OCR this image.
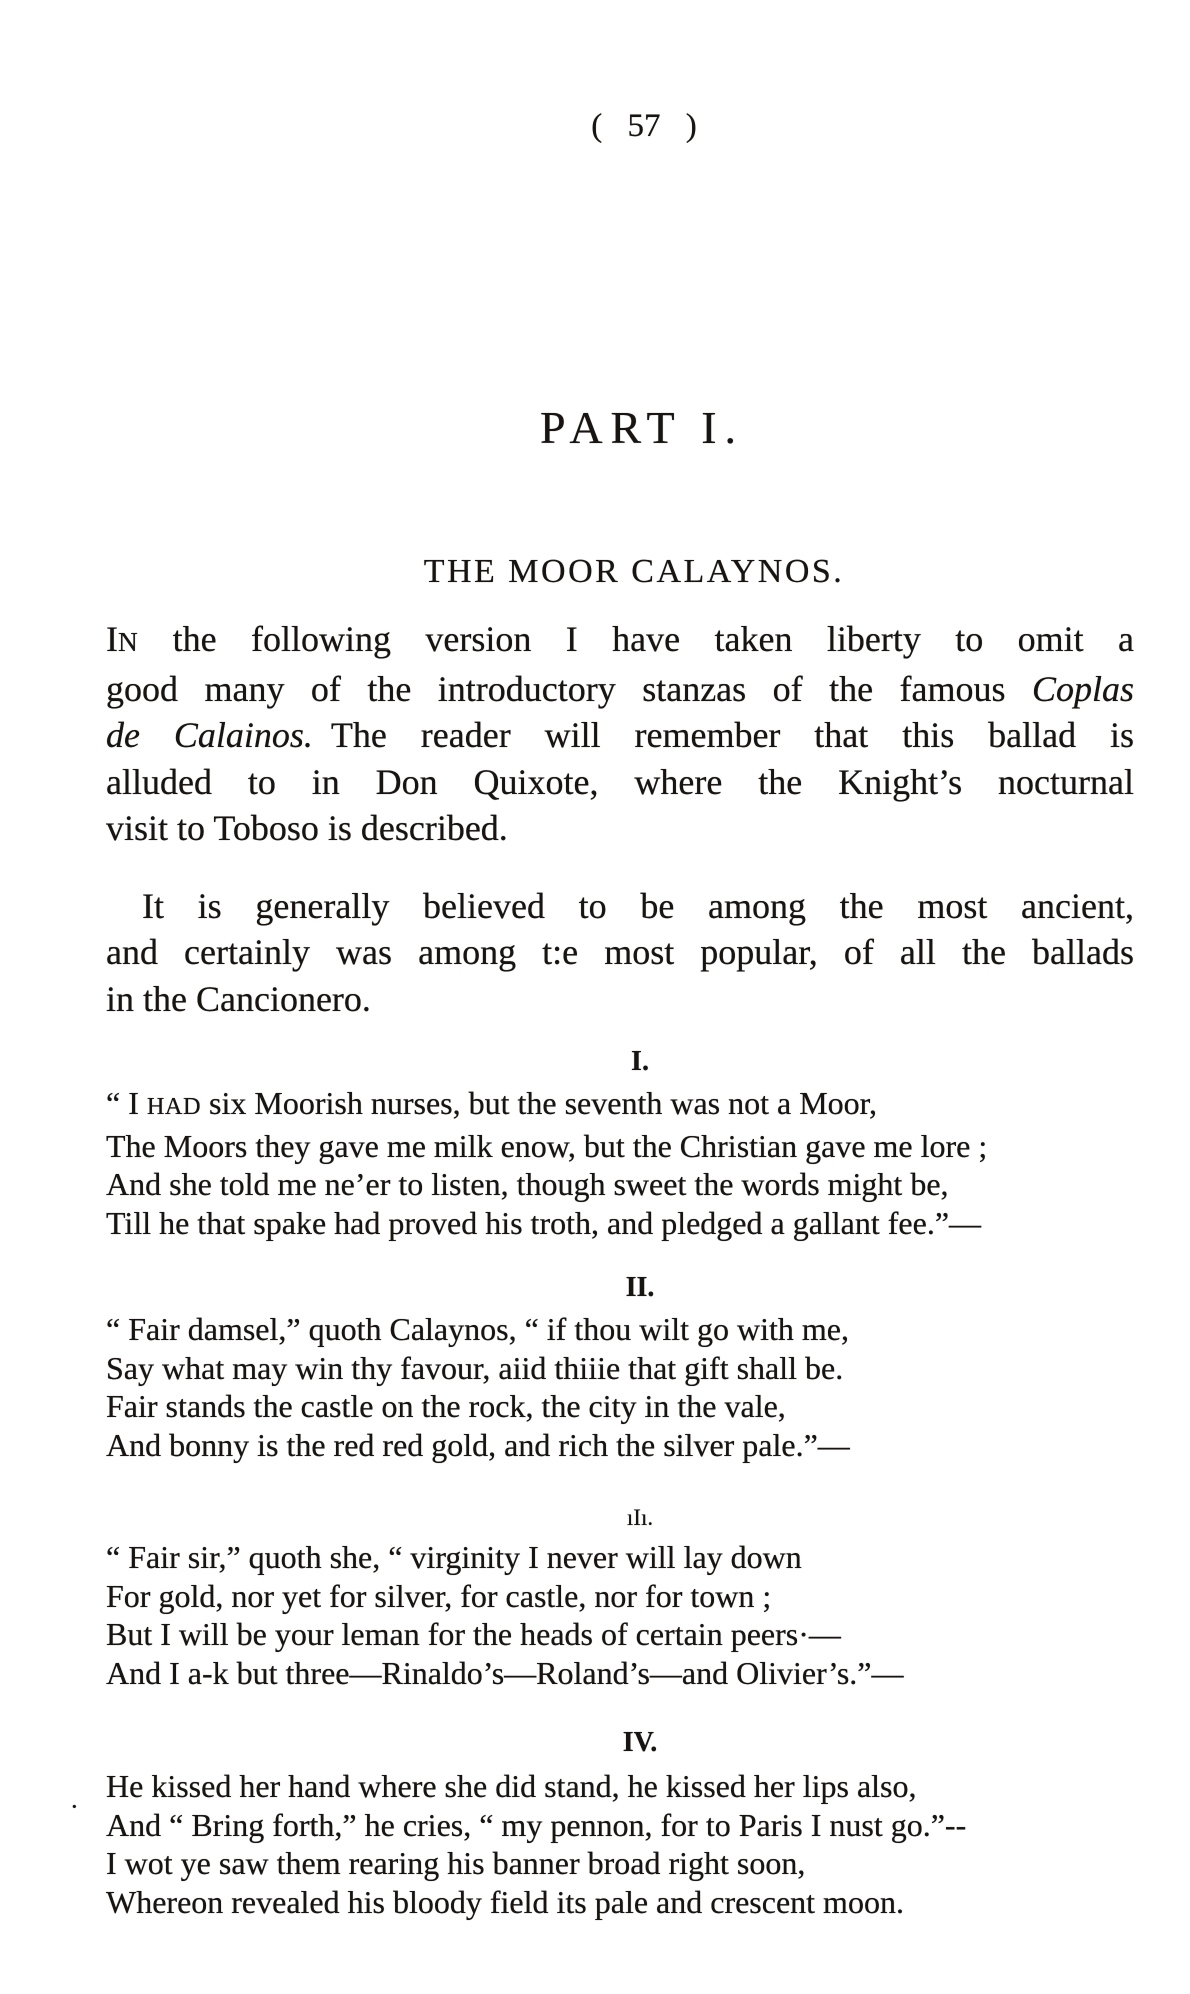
( 57 )
PART I.
THE MOOR CALAYNOS.
IN the following version I have taken liberty to omit a
good many of the introductory stanzas of the famous Coplas
de Calainos. The reader will remember that this ballad is
alluded to in Don Quixote, where the Knight’s nocturnal
visit to Toboso is described.
It is generally believed to be among the most ancient,
and certainly was among t:e most popular, of all the ballads
in the Cancionero.
I.
“ I HAD six Moorish nurses, but the seventh was not a Moor,
The Moors they gave me milk enow, but the Christian gave me lore ;
And she told me ne’er to listen, though sweet the words might be,
Till he that spake had proved his troth, and pledged a gallant fee.”—
II.
“ Fair damsel,” quoth Calaynos, “ if thou wilt go with me,
Say what may win thy favour, aiid thiiie that gift shall be.
Fair stands the castle on the rock, the city in the vale,
And bonny is the red red gold, and rich the silver pale.”—
ıIı.
“ Fair sir,” quoth she, “ virginity I never will lay down
For gold, nor yet for silver, for castle, nor for town ;
But I will be your leman for the heads of certain peers·—
And I a-k but three—Rinaldo’s—Roland’s—and Olivier’s.”—
IV.
He kissed her hand where she did stand, he kissed her lips also,
And “ Bring forth,” he cries, “ my pennon, for to Paris I nust go.”--
I wot ye saw them rearing his banner broad right soon,
Whereon revealed his bloody field its pale and crescent moon.
·
